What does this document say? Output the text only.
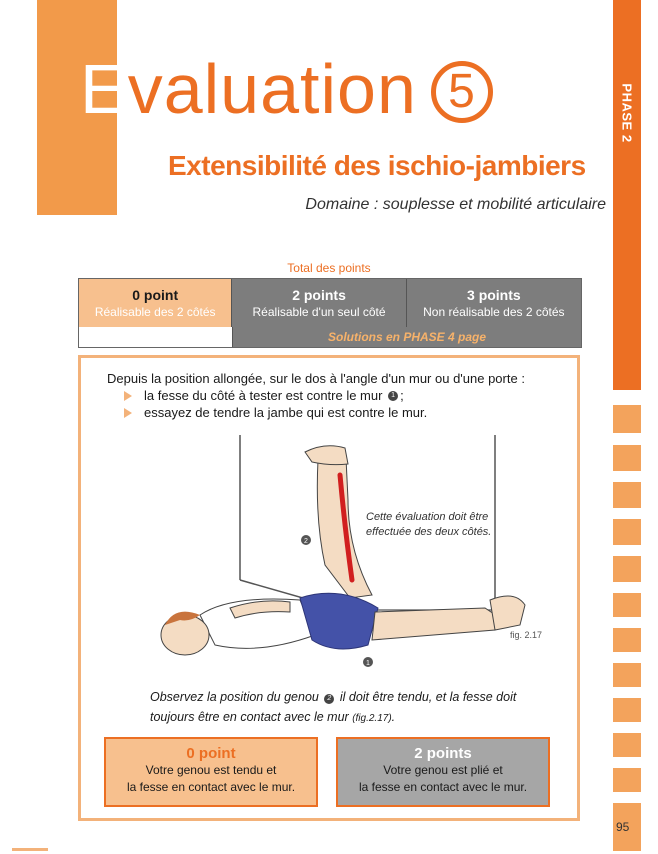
Evaluation 5
Extensibilité des ischio-jambiers
Domaine : souplesse et mobilité articulaire
PHASE 2
95
Total des points
0 point
Réalisable des 2 côtés
2 points
Réalisable d'un seul côté
3 points
Non réalisable des 2 côtés
Solutions en PHASE 4 page
Depuis la position allongée, sur le dos à l'angle d'un mur ou d'une porte :
la fesse du côté à tester est contre le mur
	1 ;
essayez de tendre la jambe qui est contre le mur.
2
1
Cette évaluation doit être
effectuée des deux côtés.
fig. 2.17
Observez la position du genou 2 il doit être tendu, et la fesse doit toujours être en contact avec le mur (fig.2.17).
0 point
Votre genou est tendu et
la fesse en contact avec le mur.
2 points
Votre genou est plié et
la fesse en contact avec le mur.
